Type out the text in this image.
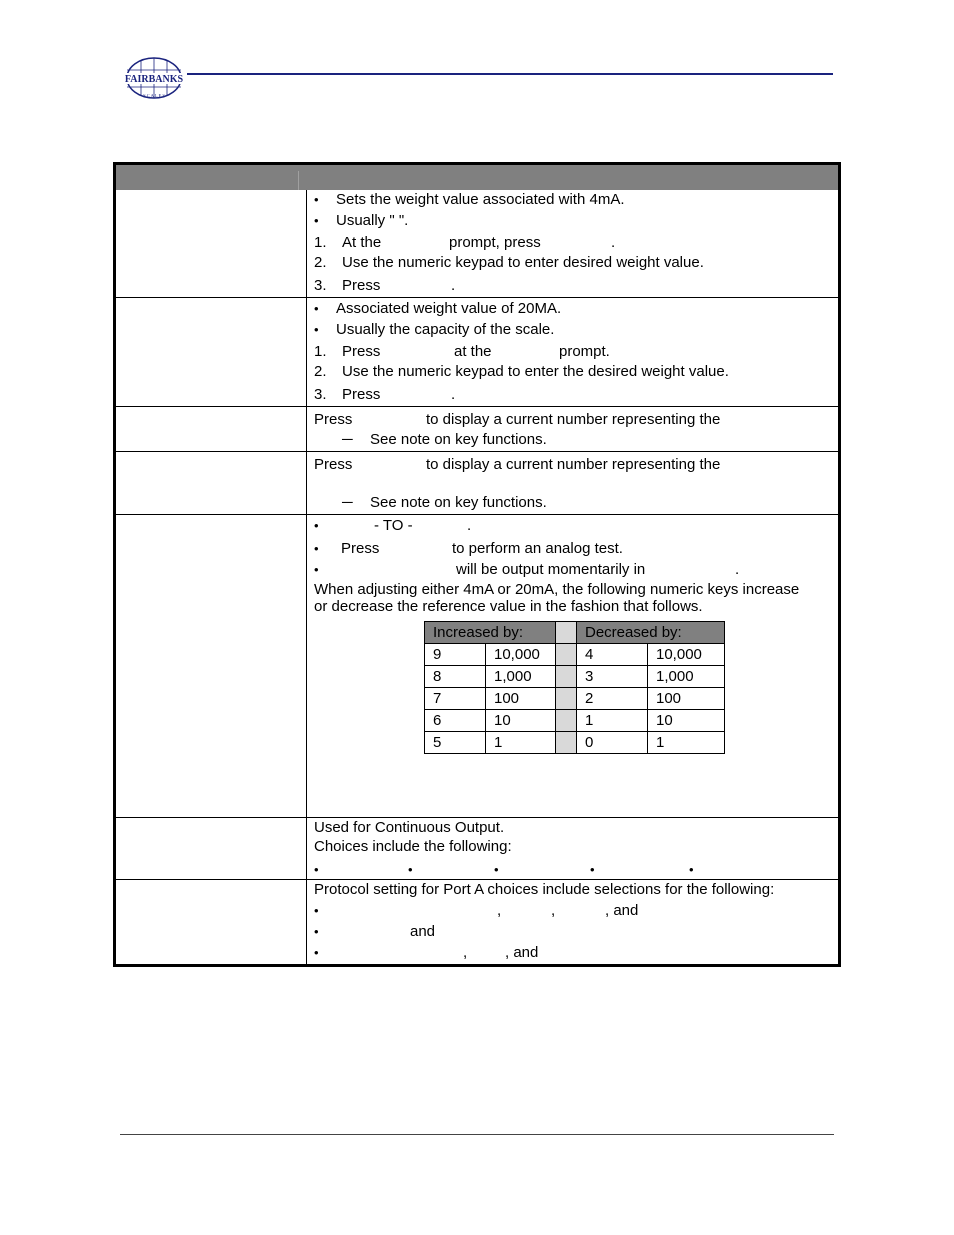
FAIRBANKS
S C A L E S
• Sets the weight value associated with 4mA.
• Usually " ".
1. At the	prompt, press	.
2. Use the numeric keypad to enter desired weight value.
3. Press	.
• Associated weight value of 20MA.
• Usually the capacity of the scale.
1. Press	at the	prompt.
2. Use the numeric keypad to enter the desired weight value.
3. Press	.
Press	to display a current number representing the
─ See note on key functions.
Press	to display a current number representing the
─ See note on key functions.
•	- TO -	.
• Press	to perform an analog test.
•	will be output momentarily in	.
When adjusting either 4mA or 20mA, the following numeric keys increase
or decrease the reference value in the fashion that follows.
Increased by:			Decreased by:	
9	10,000		4	10,000
8	1,000		3	1,000
7	100		2	100
6	10		1	10
5	1		0	1
Used for Continuous Output.
Choices include the following:
•	•	•	•	•
Protocol setting for Port A choices include selections for the following:
•	,	,	, and
•	and
•	,	, and
